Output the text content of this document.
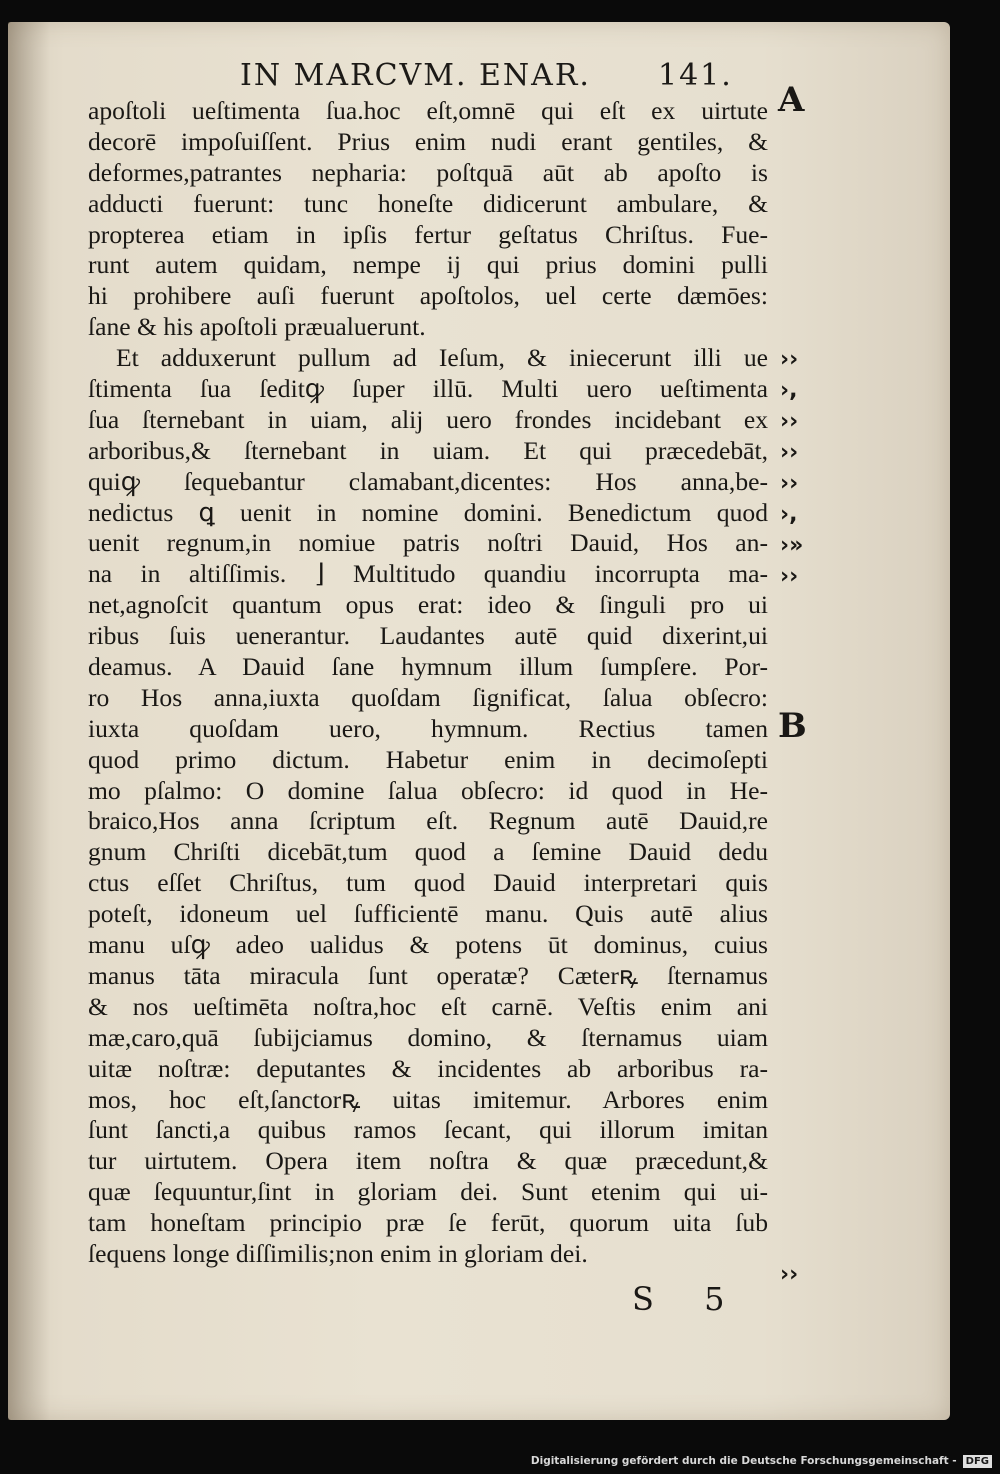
IN MARCVM. ENAR. 141.
A
B
apoſtoli ueſtimenta ſua.hoc eſt,omnē qui eſt ex uirtute
decorē impoſuiſſent. Prius enim nudi erant gentiles, &
deformes,patrantes nepharia: poſtquā aūt ab apoſto is
adducti fuerunt: tunc honeſte didicerunt ambulare, &
propterea etiam in ipſis fertur geſtatus Chriſtus. Fue-
runt autem quidam, nempe ij qui prius domini pulli
hi prohibere auſi fuerunt apoſtolos, uel certe dæmōes:
ſane & his apoſtoli præualuerunt.
Et adduxerunt pullum ad Ieſum, & iniecerunt illi ue
ſtimenta ſua ſeditꝙ ſuper illū. Multi uero ueſtimenta
ſua ſternebant in uiam, alij uero frondes incidebant ex
arboribus,& ſternebant in uiam. Et qui præcedebāt,
quiꝙ ſequebantur clamabant,dicentes: Hos anna,be-
nedictus ꝗ uenit in nomine domini. Benedictum quod
uenit regnum,in nomiue patris noſtri Dauid, Hos an-
na in altiſſimis. ⌋ Multitudo quandiu incorrupta ma-
net,agnoſcit quantum opus erat: ideo & ſinguli pro ui
ribus ſuis uenerantur. Laudantes autē quid dixerint,ui
deamus. A Dauid ſane hymnum illum ſumpſere. Por-
ro Hos anna,iuxta quoſdam ſignificat, ſalua obſecro:
iuxta quoſdam uero, hymnum. Rectius tamen
quod primo dictum. Habetur enim in decimoſepti
mo pſalmo: O domine ſalua obſecro: id quod in He-
braico,Hos anna ſcriptum eſt. Regnum autē Dauid,re
gnum Chriſti dicebāt,tum quod a ſemine Dauid dedu
ctus eſſet Chriſtus, tum quod Dauid interpretari quis
poteſt, idoneum uel ſufficientē manu. Quis autē alius
manu uſꝙ adeo ualidus & potens ūt dominus, cuius
manus tāta miracula ſunt operatæ? Cæterꝶ ſternamus
& nos ueſtimēta noſtra,hoc eſt carnē. Veſtis enim ani
mæ,caro,quā ſubijciamus domino, & ſternamus uiam
uitæ noſtræ: deputantes & incidentes ab arboribus ra-
mos, hoc eſt,ſanctorꝶ uitas imitemur. Arbores enim
ſunt ſancti,a quibus ramos ſecant, qui illorum imitan
tur uirtutem. Opera item noſtra & quæ præcedunt,&
quæ ſequuntur,ſint in gloriam dei. Sunt etenim qui ui-
tam honeſtam principio præ ſe ferūt, quorum uita ſub
ſequens longe diſſimilis;non enim in gloriam dei.
››
›,
››
››
››
›,
›»
››
S 5
››
Digitalisierung gefördert durch die Deutsche Forschungsgemeinschaft - DFG
